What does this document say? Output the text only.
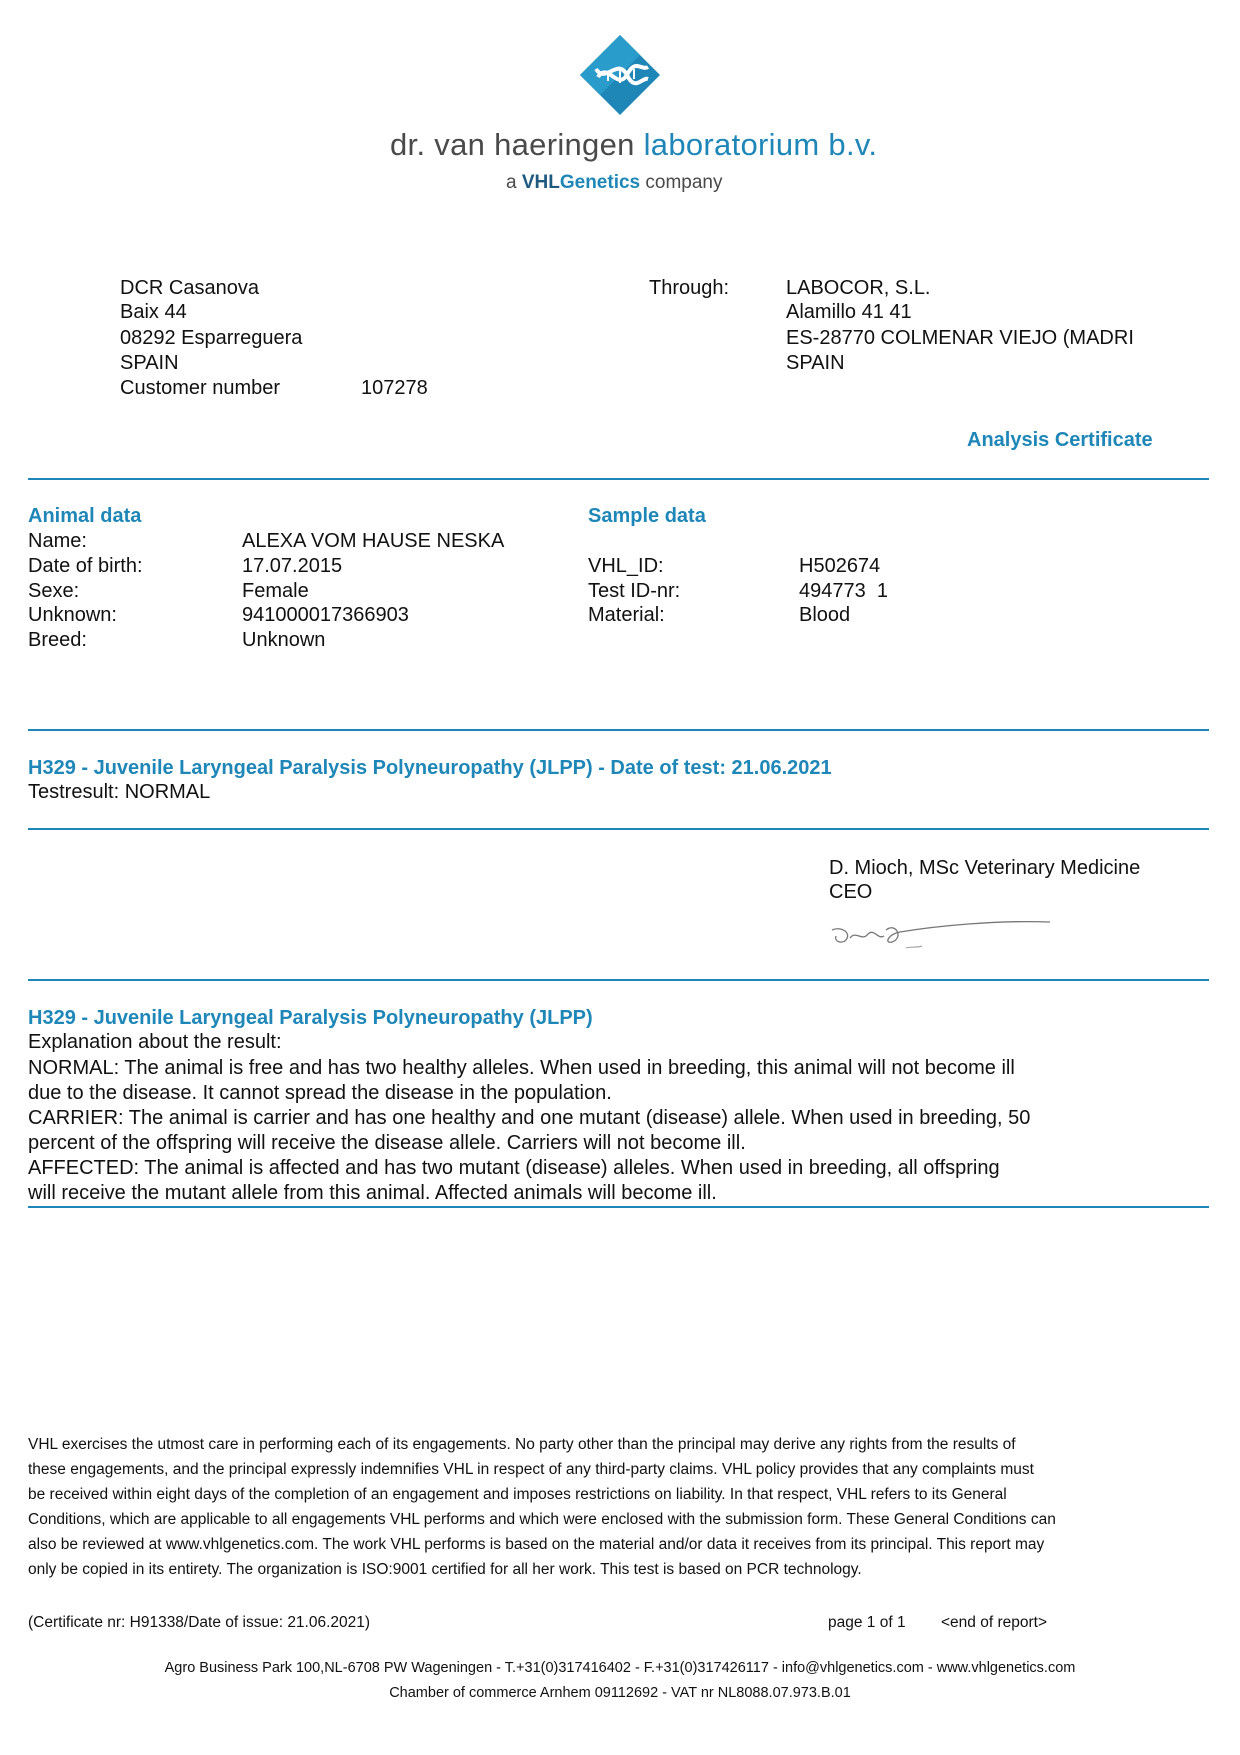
dr. van haeringen laboratorium b.v.
a VHLGenetics company
DCR Casanova
Baix 44
08292 Esparreguera
SPAIN
Customer number	107278
Through:	LABOCOR, S.L.
Alamillo 41 41
ES-28770 COLMENAR VIEJO (MADRI
SPAIN
Analysis Certificate
Animal data
Name:	ALEXA VOM HAUSE NESKA
Date of birth:	17.07.2015
Sexe:	Female
Unknown:	941000017366903
Breed:	Unknown
Sample data
VHL_ID:	H502674
Test ID-nr:	494773  1
Material:	Blood
H329 - Juvenile Laryngeal Paralysis Polyneuropathy (JLPP) - Date of test: 21.06.2021
Testresult: NORMAL
D. Mioch, MSc Veterinary Medicine
CEO
H329 - Juvenile Laryngeal Paralysis Polyneuropathy (JLPP)
Explanation about the result:
NORMAL: The animal is free and has two healthy alleles. When used in breeding, this animal will not become ill
due to the disease. It cannot spread the disease in the population.
CARRIER: The animal is carrier and has one healthy and one mutant (disease) allele. When used in breeding, 50
percent of the offspring will receive the disease allele. Carriers will not become ill.
AFFECTED: The animal is affected and has two mutant (disease) alleles. When used in breeding, all offspring
will receive the mutant allele from this animal. Affected animals will become ill.
VHL exercises the utmost care in performing each of its engagements. No party other than the principal may derive any rights from the results of
these engagements, and the principal expressly indemnifies VHL in respect of any third-party claims. VHL policy provides that any complaints must
be received within eight days of the completion of an engagement and imposes restrictions on liability. In that respect, VHL refers to its General
Conditions, which are applicable to all engagements VHL performs and which were enclosed with the submission form. These General Conditions can
also be reviewed at www.vhlgenetics.com. The work VHL performs is based on the material and/or data it receives from its principal. This report may
only be copied in its entirety. The organization is ISO:9001 certified for all her work. This test is based on PCR technology.
(Certificate nr: H91338/Date of issue: 21.06.2021)	page 1 of 1 <end of report>
Agro Business Park 100,NL-6708 PW Wageningen - T.+31(0)317416402 - F.+31(0)317426117 - info@vhlgenetics.com - www.vhlgenetics.com
Chamber of commerce Arnhem 09112692 - VAT nr NL8088.07.973.B.01
